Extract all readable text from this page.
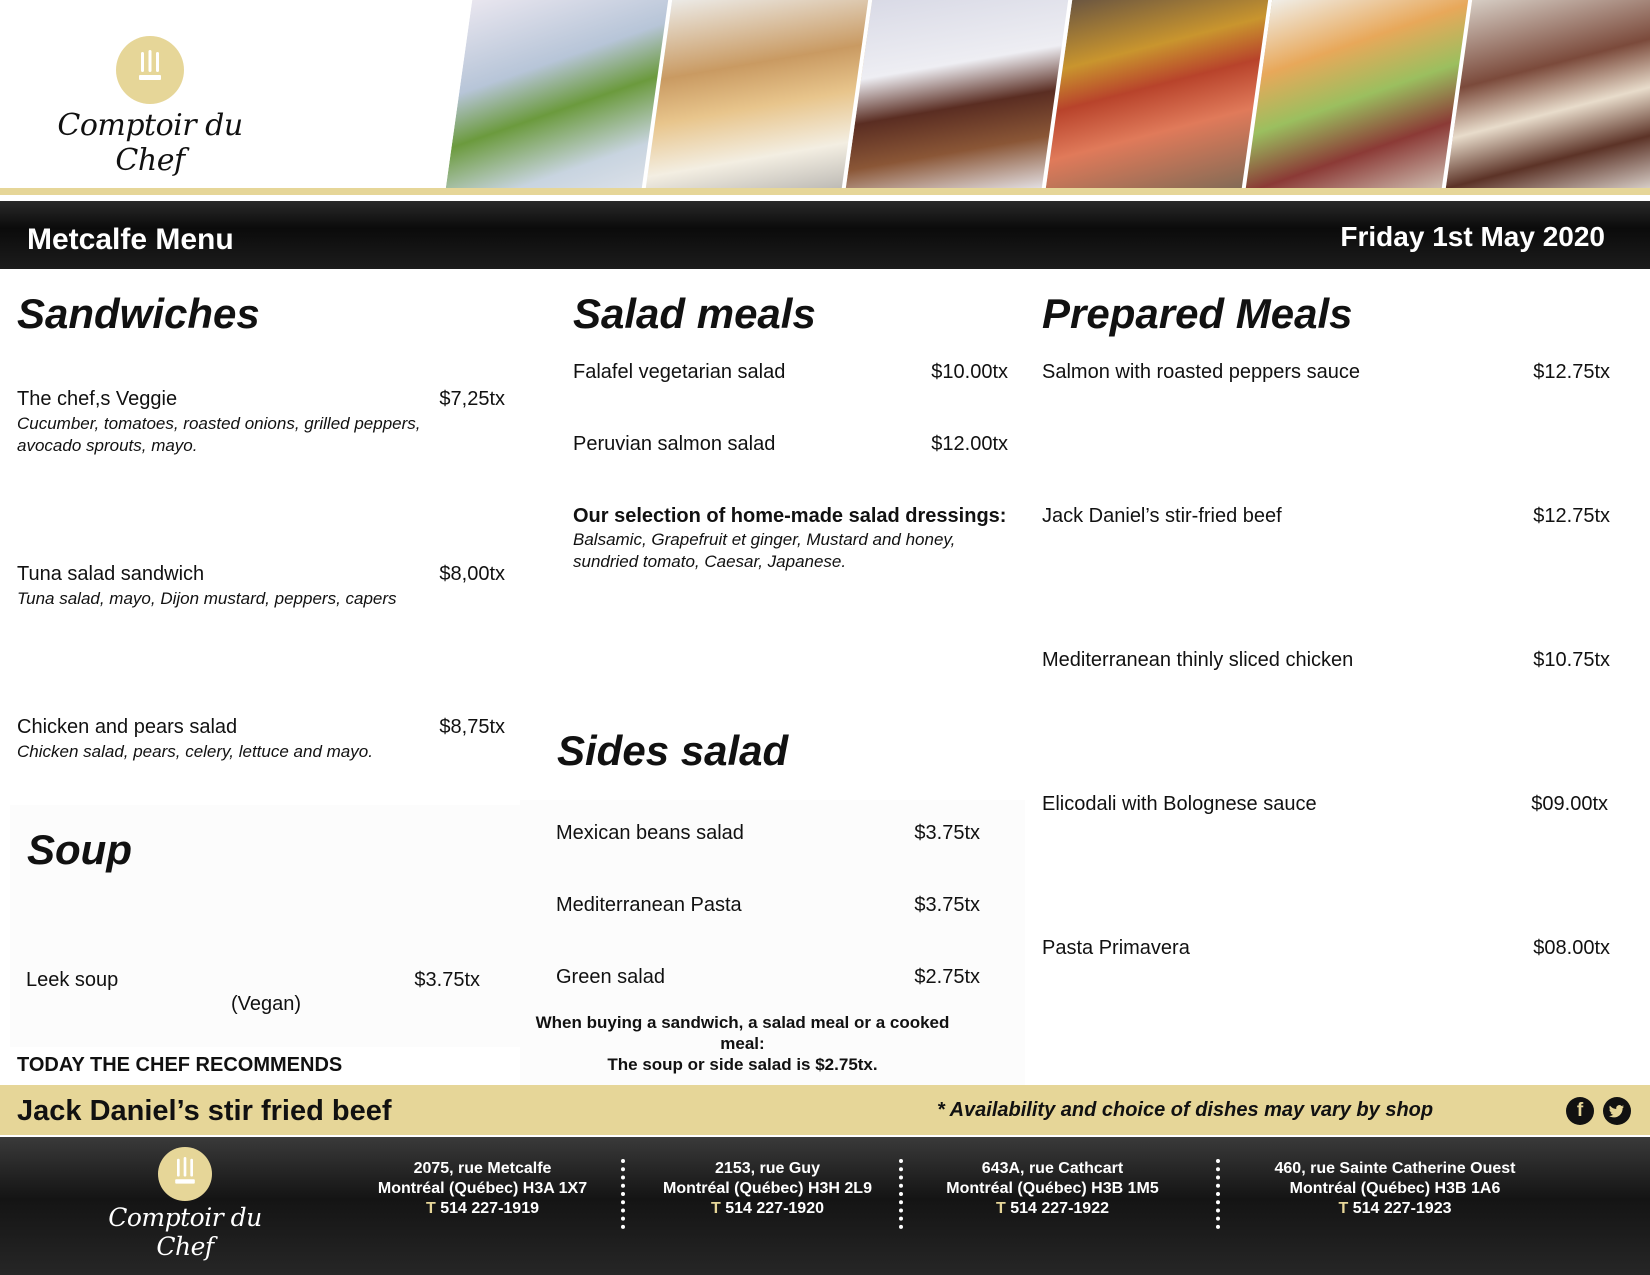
Comptoir du Chef
Metcalfe Menu	Friday 1st May 2020
Sandwiches
The chef,s Veggie	$7,25tx
Cucumber, tomatoes, roasted onions, grilled peppers,
avocado sprouts, mayo.
Tuna salad sandwich	$8,00tx
Tuna salad, mayo, Dijon mustard, peppers, capers
Chicken and pears salad	$8,75tx
Chicken salad, pears, celery, lettuce and mayo.
Soup
Leek soup	$3.75tx
(Vegan)
TODAY THE CHEF RECOMMENDS
Salad meals
Falafel vegetarian salad	$10.00tx
Peruvian salmon salad	$12.00tx
Our selection of home-made salad dressings:
Balsamic, Grapefruit et ginger, Mustard and honey,
sundried tomato, Caesar, Japanese.
Sides salad
Mexican beans salad	$3.75tx
Mediterranean Pasta	$3.75tx
Green salad	$2.75tx
When buying a sandwich, a salad meal or a cooked
meal:
The soup or side salad is $2.75tx.
Prepared Meals
Salmon with roasted peppers sauce	$12.75tx
Jack Daniel’s stir-fried beef	$12.75tx
Mediterranean thinly sliced chicken	$10.75tx
Elicodali with Bolognese sauce	$09.00tx
Pasta Primavera	$08.00tx
Jack Daniel’s stir fried beef	* Availability and choice of dishes may vary by shop	f
Comptoir du Chef
2075, rue Metcalfe
Montréal (Québec) H3A 1X7
T 514 227-1919
2153, rue Guy
Montréal (Québec) H3H 2L9
T 514 227-1920
643A, rue Cathcart
Montréal (Québec) H3B 1M5
T 514 227-1922
460, rue Sainte Catherine Ouest
Montréal (Québec) H3B 1A6
T 514 227-1923
